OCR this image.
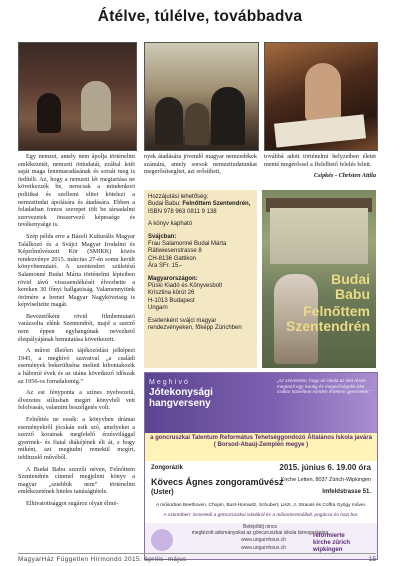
Átélve, túlélve, továbbadva

Egy nemzet, amely nem ápolja történelmi emlékezetét, nemzeti öntudatát, ezáltal letét saját maga fennmaradásának és sorsát meg is ördítéli. Az, hogy a nemzeti lét megtartása ne következzék be, nemcsak a mindenkori politikai és szellemi elitet kötelezi a nemzettudat ápolására és átadására. Ebben a feladatban fontos szerepet tölt be társadalmi szervezetek önszervező képessége és tevékenysége is.

Szép példa erre a Bázeli Kulturális Magyar Találkozó és a Svájci Magyar Irodalmi és Képzőművészeti Kör (SMIKK) közös rendezvénye 2015. március 27-én somu került könyvbemutató. A szentendrei születésű Salamonné Budai Márta történelmi lépteiben rövid távú visszaemlékését élvezhette a kereken 30 főnyi hallgatóság. Valamennyiünk örömére a bemet Magyar Nagykövetség is képviseltette magát.

Bevezetőként rövid filmbemutató varázsolta elénk Szentendrét, majd a szerző nem éppen egyhangúnak nevezhető életpályájának bemutatása következett.

A művet illetően tájékozódást jelképezi 1945, a meghívó szavaival „a családi események bekerültséna meltett kibontakozik a háborúi évek és az utána következő időszak az 1956-os forradalomig.”

Az est fényponta a színes nyelvezetű, élvezetes stílusban megírt könyvből vett felolvasás, valamint beszélgetés volt.

Felnőttés ne essék: a könyvben drámai eseményekről jócskán esik szó, amelyeket a szerző korainak megfelelő érzésvilággal gyermek- és fiatal diákéjének élt át, s hogy miként, azt megtudni remekül megírt, teblinzelő művéből.

A Budai Babu szerzői néven, Felnőttem Szentendrén címmel megjelent könyv a magyar „sztebbik nem” történelmi emlékezetének hiteles tanúságtétele.

Elhivatottsággot sugároz olyan élmé-

nyek átadására jövendő magyar nemzedékek számára, amely sorsok nemzettudatunkat megerősítsegítet, azt erősítheti,

továbbá adott történelmi helyzetben életet menté megérőssel a ffelelhető felelés felett.

Csipkés - Christen Attila
Hozzájutási lehetőség:
Budai Babu: Felnőttem Szentendrén,
ISBN 978 963 0811 9 138
A könyv kapható
Svájcban:
Frau Salamonné Budai Márta
Rätiwiesenstrasse 8
CH-8136 Gattikon
Ára SFr. 15.-
Magyarországon:
Püski Kiadó és Könyvesbolt
Krisztina körút 26
H-1013 Budapest
Ungarn
Esetenként svájci magyar rendezvényeken, főképp Zürichben
Budai
Babu
Felnőttem
Szentendrén
Meghívó
Jótekonysági hangverseny
„Az szeretném, hogy az iskola az élet része, megtanít egy baráig és megerőségebb élet csákor közelíteni minden értékére gyermeket.”
a goncruszkai Talentum Református Tehetséggondozó Általános Iskola javára ( Borsod-Abaúj-Zemplén megye )
Zongorázik	2015. június 6. 19.00 óra
Kövecs Ágnes zongoraművész
Kirche Letten, 8037 Zürich-Wipkingen
(Uster)	Imfeldstrasse 51.
A műsorban Beethoven, Chopin, Bust-Horowitz, Schubert, Liszt, J. Strauss és Coffra Gyögy művei.
A szünetben: ismertető a gönczruszkai iskoláról és a műsorteremállolt, pogácsa és hazi bor.
Belépődíj nincs
megbízott adományokat az gönczruszkai iskola támogatására
www.ungarnhaus.ch
www.ungarnhaus.ch
reformierte
kirche zürich wipkingen
MagyarHáz Független Hírmondó 2015. április–május	15
